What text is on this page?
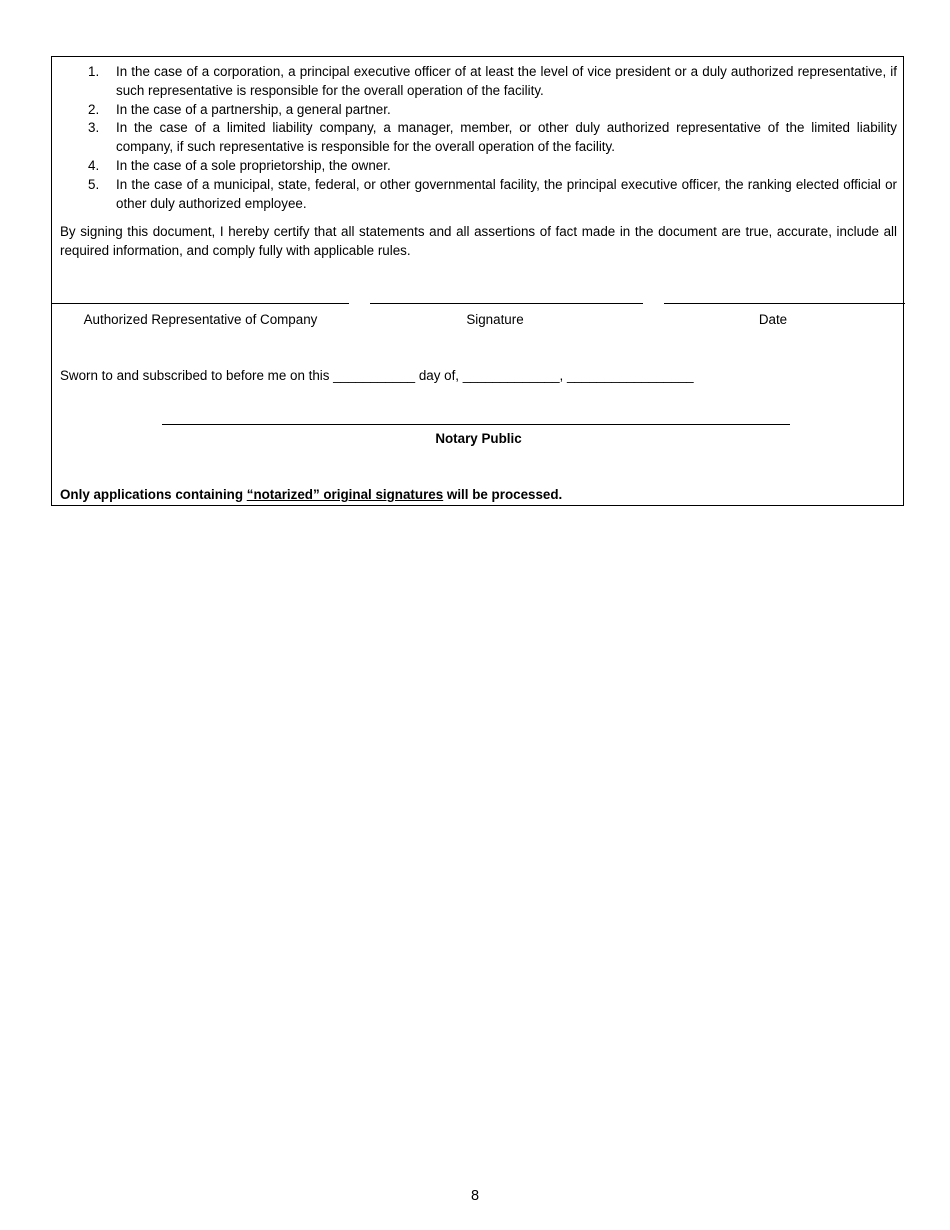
1. In the case of a corporation, a principal executive officer of at least the level of vice president or a duly authorized representative, if such representative is responsible for the overall operation of the facility.
2. In the case of a partnership, a general partner.
3. In the case of a limited liability company, a manager, member, or other duly authorized representative of the limited liability company, if such representative is responsible for the overall operation of the facility.
4. In the case of a sole proprietorship, the owner.
5. In the case of a municipal, state, federal, or other governmental facility, the principal executive officer, the ranking elected official or other duly authorized employee.

By signing this document, I hereby certify that all statements and all assertions of fact made in the document are true, accurate, include all required information, and comply fully with applicable rules.

Authorized Representative of Company	Signature	Date
Sworn to and subscribed to before me on this ___________ day of, _____________, _________________
Notary Public
Only applications containing “notarized” original signatures will be processed.
8
